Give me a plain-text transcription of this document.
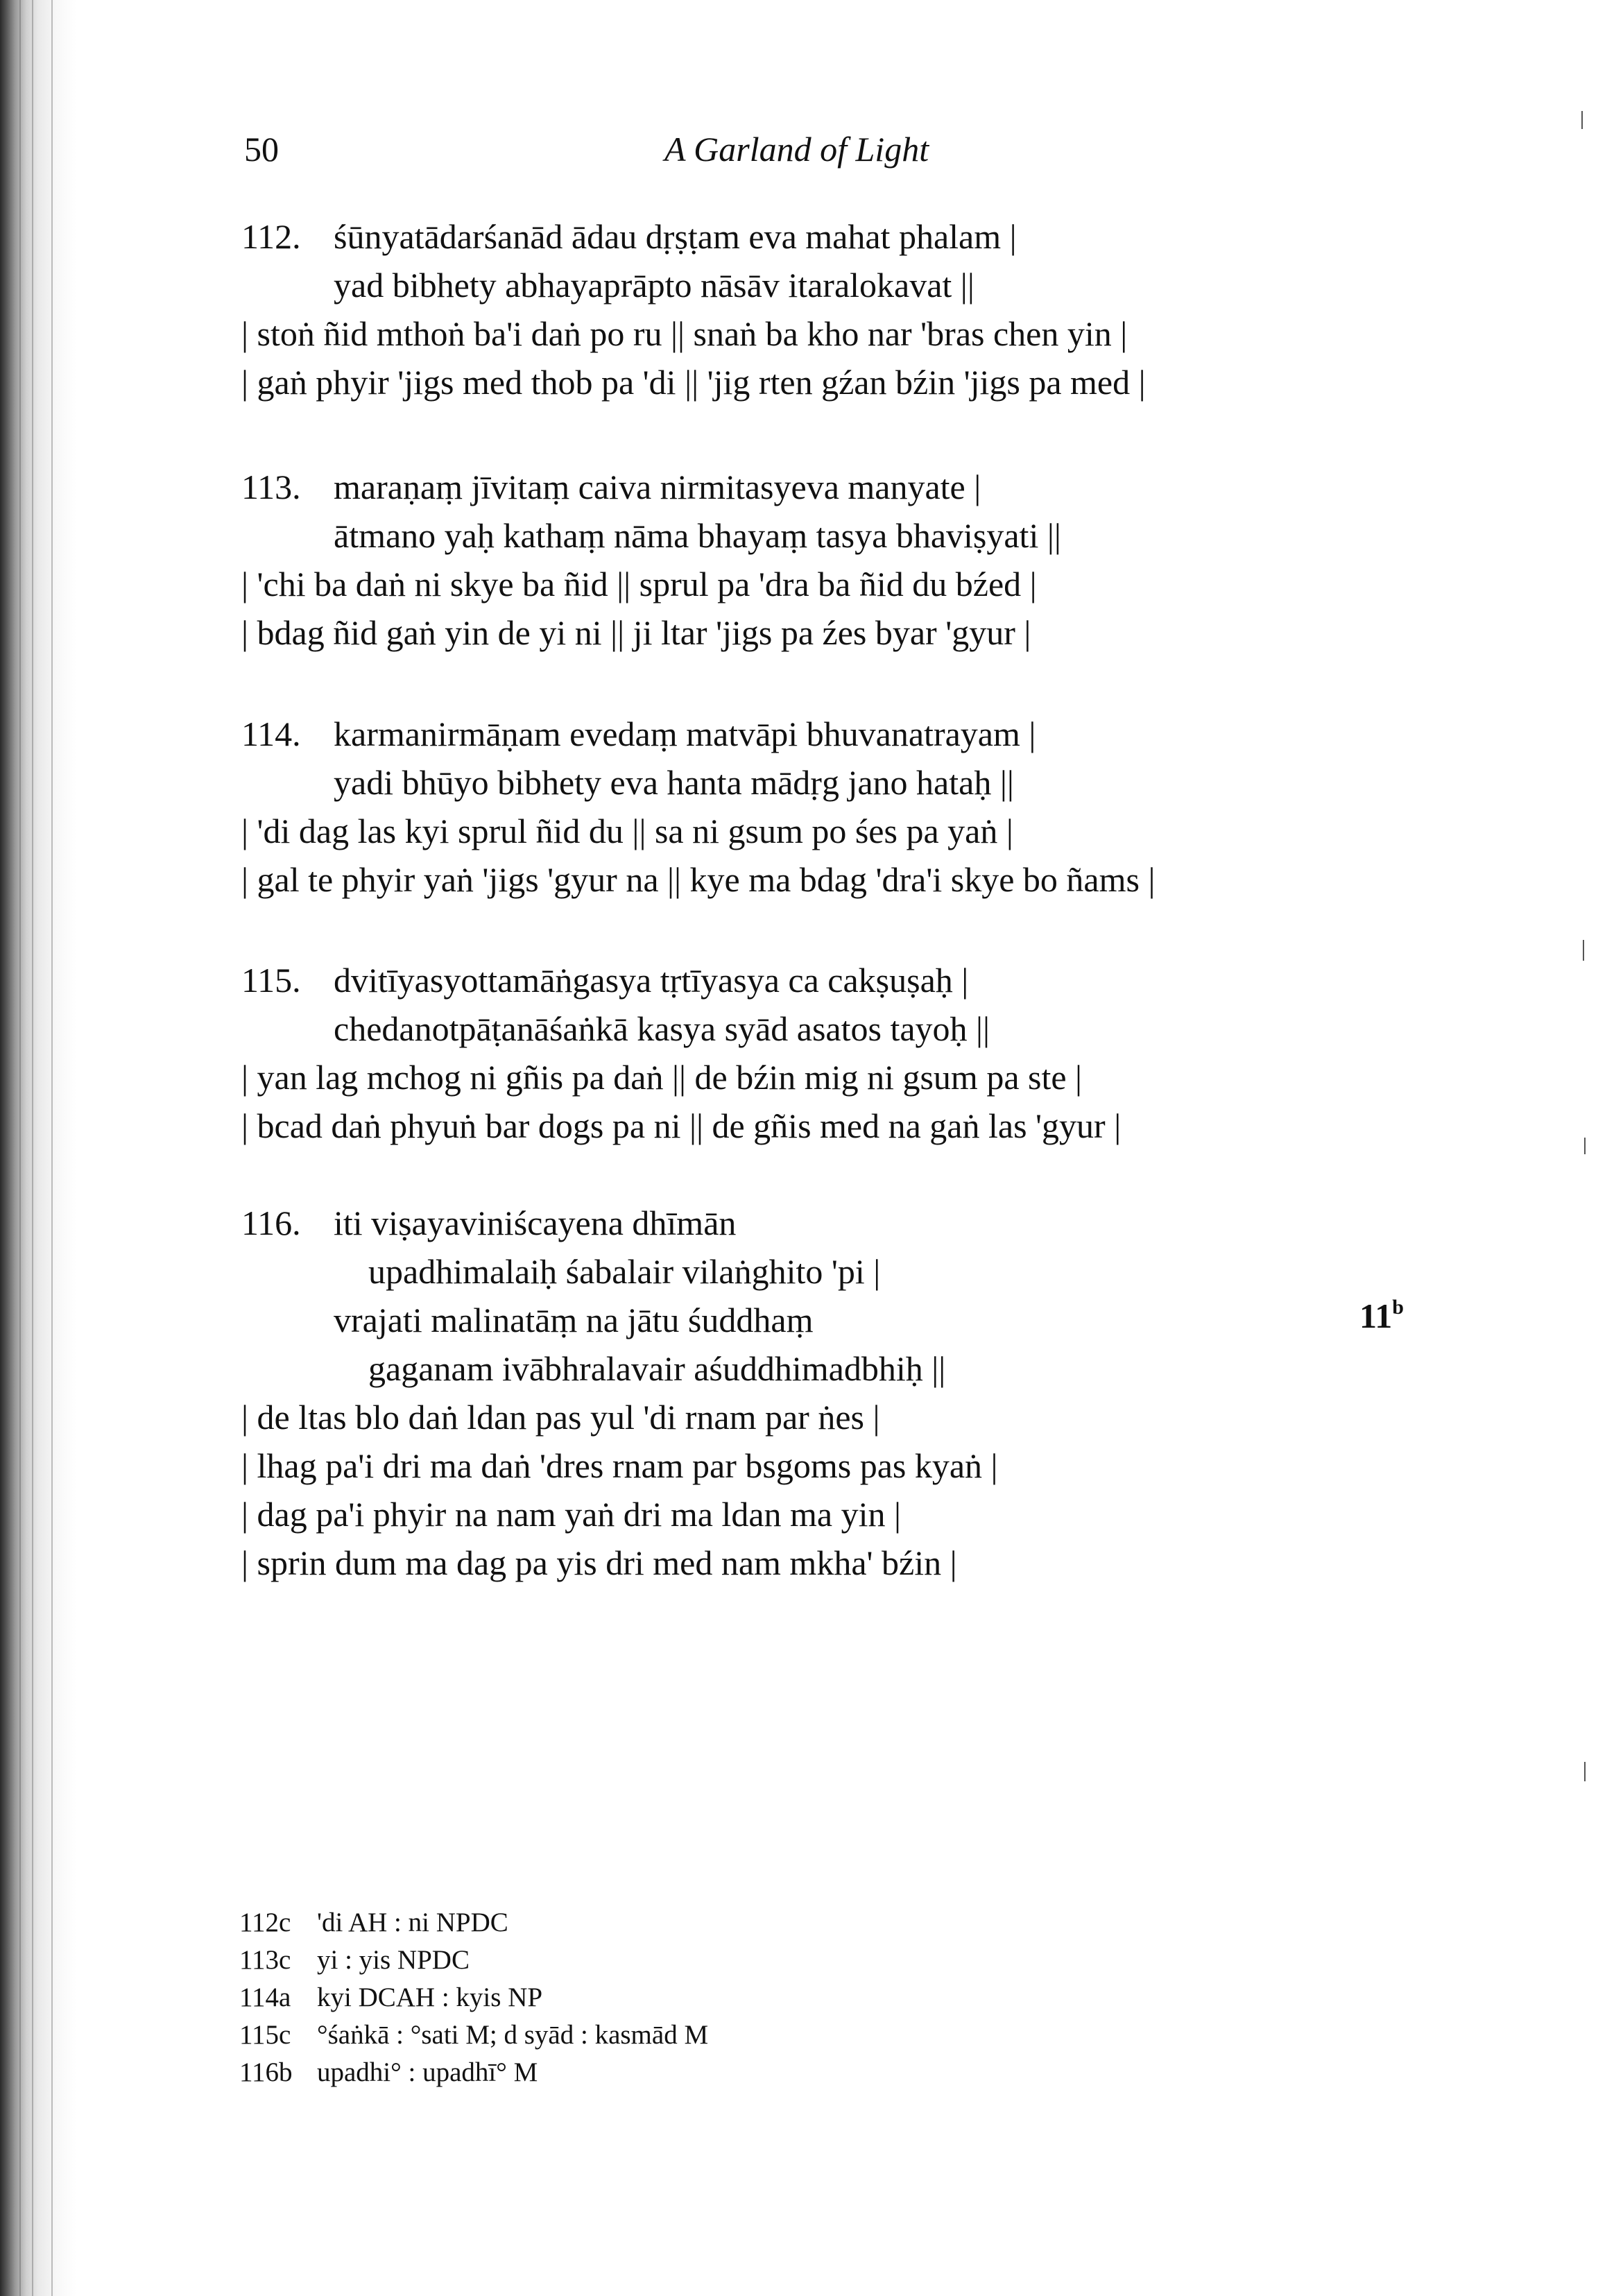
50	A Garland of Light
112. śūnyatādarśanād ādau dṛṣṭam eva mahat phalam |
yad bibhety abhayaprāpto nāsāv itaralokavat ||
| stoṅ ñid mthoṅ ba'i daṅ po ru || snaṅ ba kho nar 'bras chen yin |
| gaṅ phyir 'jigs med thob pa 'di || 'jig rten gźan bźin 'jigs pa med |
113. maraṇaṃ jīvitaṃ caiva nirmitasyeva manyate |
ātmano yaḥ kathaṃ nāma bhayaṃ tasya bhaviṣyati ||
| 'chi ba daṅ ni skye ba ñid || sprul pa 'dra ba ñid du bźed |
| bdag ñid gaṅ yin de yi ni || ji ltar 'jigs pa źes byar 'gyur |
114. karmanirmāṇam evedaṃ matvāpi bhuvanatrayam |
yadi bhūyo bibhety eva hanta mādṛg jano hataḥ ||
| 'di dag las kyi sprul ñid du || sa ni gsum po śes pa yaṅ |
| gal te phyir yaṅ 'jigs 'gyur na || kye ma bdag 'dra'i skye bo ñams |
115. dvitīyasyottamāṅgasya tṛtīyasya ca cakṣuṣaḥ |
chedanotpāṭanāśaṅkā kasya syād asatos tayoḥ ||
| yan lag mchog ni gñis pa daṅ || de bźin mig ni gsum pa ste |
| bcad daṅ phyuṅ bar dogs pa ni || de gñis med na gaṅ las 'gyur |
116. iti viṣayaviniścayena dhīmān
upadhimalaiḥ śabalair vilaṅghito 'pi |
vrajati malinatāṃ na jātu śuddhaṃ
gaganam ivābhralavair aśuddhimadbhiḥ ||
| de ltas blo daṅ ldan pas yul 'di rnam par ṅes |
| lhag pa'i dri ma daṅ 'dres rnam par bsgoms pas kyaṅ |
| dag pa'i phyir na nam yaṅ dri ma ldan ma yin |
| sprin dum ma dag pa yis dri med nam mkha' bźin |
11$^b$
112c 'di AH : ni NPDC
113c yi : yis NPDC
114a kyi DCAH : kyis NP
115c °śaṅkā : °sati M; d syād : kasmād M
116b upadhi° : upadhī° M
